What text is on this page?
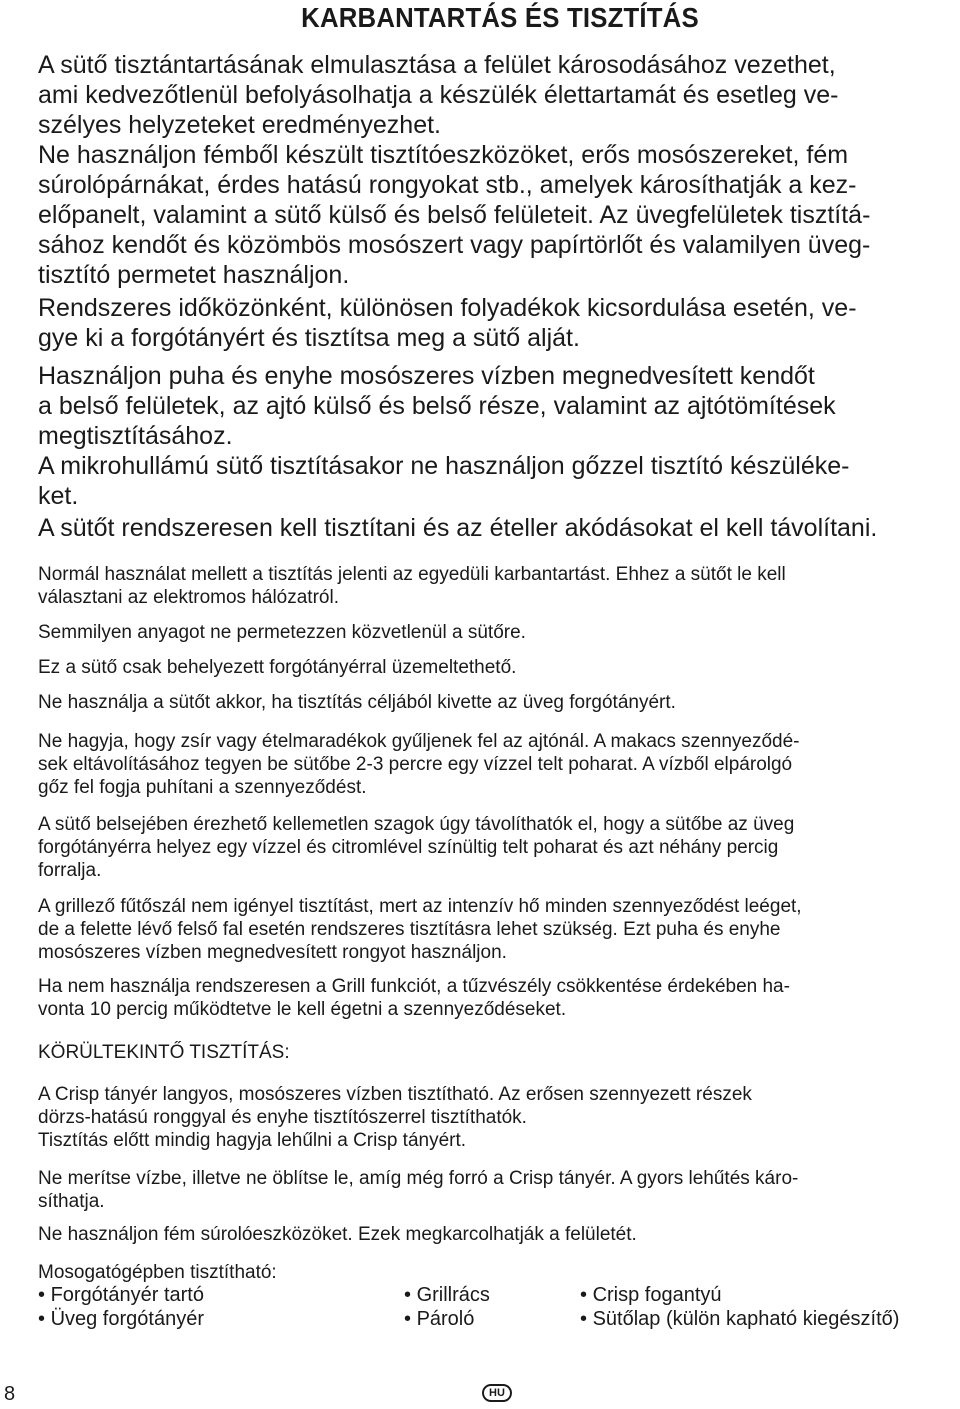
KARBANTARTÁS ÉS TISZTÍTÁS

A sütő tisztántartásának elmulasztása a felület károsodásához vezethet,
ami kedvezőtlenül befolyásolhatja a készülék élettartamát és esetleg ve-
szélyes helyzeteket eredményezhet.
Ne használjon fémből készült tisztítóeszközöket, erős mosószereket, fém
súrolópárnákat, érdes hatású rongyokat stb., amelyek károsíthatják a kez-
előpanelt, valamint a sütő külső és belső felületeit. Az üvegfelületek tisztítá-
sához kendőt és közömbös mosószert vagy papírtörlőt és valamilyen üveg-
tisztító permetet használjon.

Rendszeres időközönként, különösen folyadékok kicsordulása esetén, ve-
gye ki a forgótányért és tisztítsa meg a sütő alját.

Használjon puha és enyhe mosószeres vízben megnedvesített kendőt
a belső felületek, az ajtó külső és belső része, valamint az ajtótömítések
megtisztításához.

A mikrohullámú sütő tisztításakor ne használjon gőzzel tisztító készüléke-
ket.

A sütőt rendszeresen kell tisztítani és az ételler akódásokat el kell távolítani.

Normál használat mellett a tisztítás jelenti az egyedüli karbantartást. Ehhez a sütőt le kell
választani az elektromos hálózatról.

Semmilyen anyagot ne permetezzen közvetlenül a sütőre.

Ez a sütő csak behelyezett forgótányérral üzemeltethető.

Ne használja a sütőt akkor, ha tisztítás céljából kivette az üveg forgótányért.

Ne hagyja, hogy zsír vagy ételmaradékok gyűljenek fel az ajtónál. A makacs szennyeződé-
sek eltávolításához tegyen be sütőbe 2-3 percre egy vízzel telt poharat. A vízből elpárolgó
gőz fel fogja puhítani a szennyeződést.

A sütő belsejében érezhető kellemetlen szagok úgy távolíthatók el, hogy a sütőbe az üveg
forgótányérra helyez egy vízzel és citromlével színültig telt poharat és azt néhány percig
forralja.

A grillező fűtőszál nem igényel tisztítást, mert az intenzív hő minden szennyeződést leéget,
de a felette lévő felső fal esetén rendszeres tisztításra lehet szükség. Ezt puha és enyhe
mosószeres vízben megnedvesített rongyot használjon.

Ha nem használja rendszeresen a Grill funkciót, a tűzvészély csökkentése érdekében ha-
vonta 10 percig működtetve le kell égetni a szennyeződéseket.

KÖRÜLTEKINTŐ TISZTÍTÁS:

A Crisp tányér langyos, mosószeres vízben tisztítható. Az erősen szennyezett részek
dörzs-hatású ronggyal és enyhe tisztítószerrel tisztíthatók.
Tisztítás előtt mindig hagyja lehűlni a Crisp tányért.

Ne merítse vízbe, illetve ne öblítse le, amíg még forró a Crisp tányér. A gyors lehűtés káro-
síthatja.

Ne használjon fém súrolóeszközöket. Ezek megkarcolhatják a felületét.

Mosogatógépben tisztítható:

• Forgótányér tartó
• Üveg forgótányér
• Grillrács
• Pároló
• Crisp fogantyú
• Sütőlap (külön kapható kiegészítő)
8	HU
